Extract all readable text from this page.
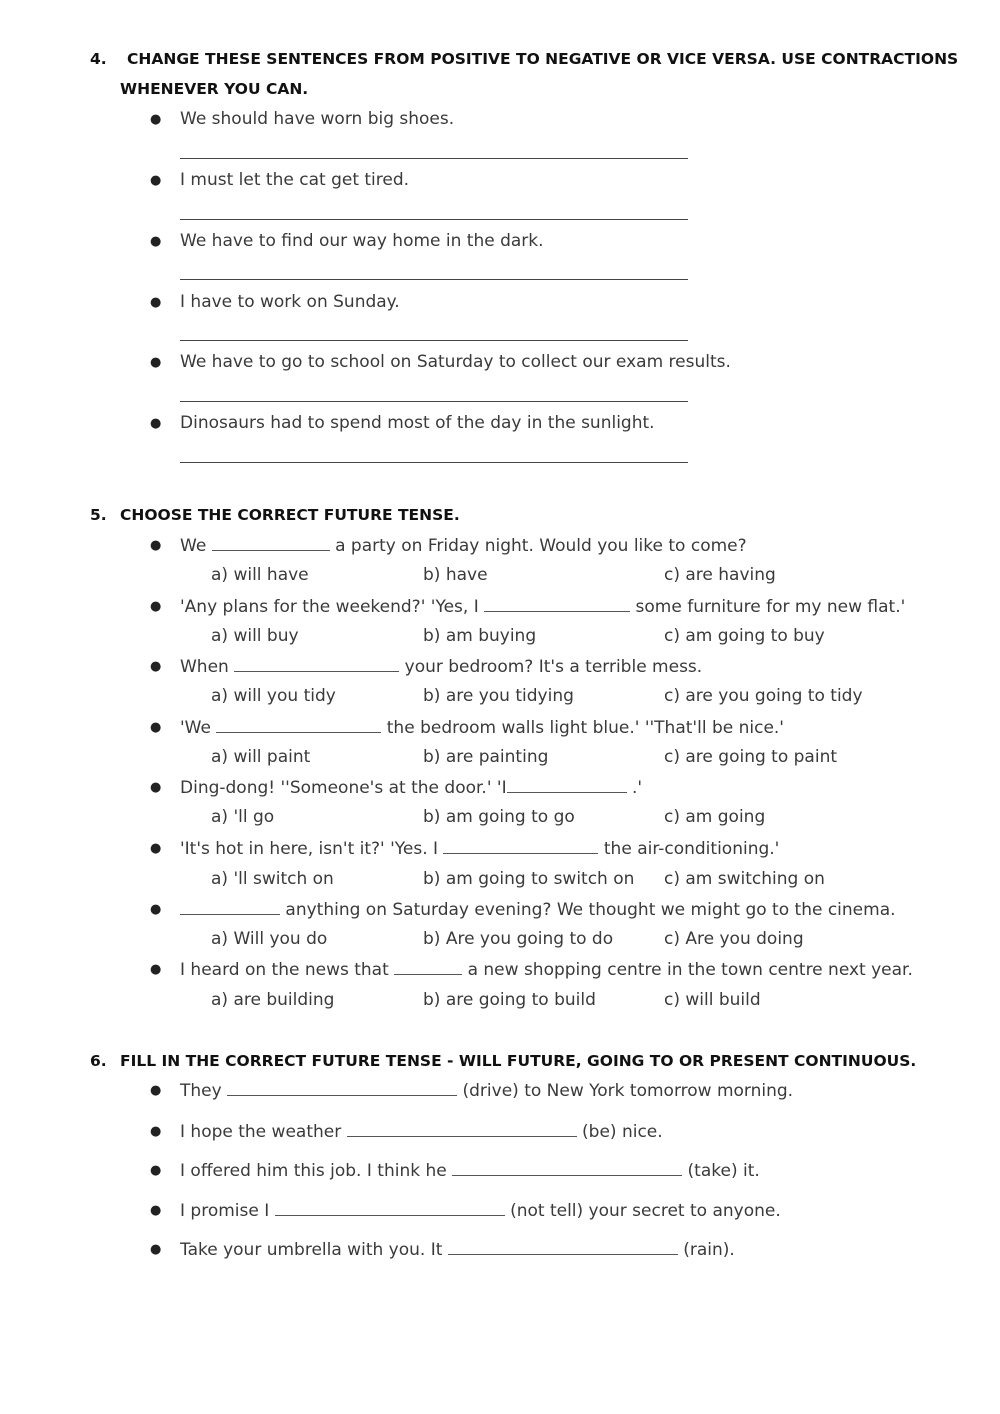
4. CHANGE THESE SENTENCES FROM POSITIVE TO NEGATIVE OR VICE VERSA. USE CONTRACTIONS
WHENEVER YOU CAN.
● We should have worn big shoes.
● I must let the cat get tired.
● We have to find our way home in the dark.
● I have to work on Sunday.
● We have to go to school on Saturday to collect our exam results.
● Dinosaurs had to spend most of the day in the sunlight.
5. CHOOSE THE CORRECT FUTURE TENSE.
● We	a party on Friday night. Would you like to come?
a) will have	b) have	c) are having
● 'Any plans for the weekend?' 'Yes, I	some furniture for my new flat.'
a) will buy	b) am buying	c) am going to buy
● When	your bedroom? It's a terrible mess.
a) will you tidy	b) are you tidying	c) are you going to tidy
● 'We	the bedroom walls light blue.' ''That'll be nice.'
a) will paint	b) are painting	c) are going to paint
● Ding-dong! ''Someone's at the door.' 'I	.'
a) 'll go	b) am going to go	c) am going
● 'It's hot in here, isn't it?' 'Yes. I	the air-conditioning.'
a) 'll switch on	b) am going to switch on c) am switching on
●	anything on Saturday evening? We thought we might go to the cinema.
a) Will you do	b) Are you going to do	c) Are you doing
● I heard on the news that	a new shopping centre in the town centre next year.
a) are building	b) are going to build	c) will build
6. FILL IN THE CORRECT FUTURE TENSE - WILL FUTURE, GOING TO OR PRESENT CONTINUOUS.
● They	(drive) to New York tomorrow morning.
● I hope the weather	(be) nice.
● I offered him this job. I think he	(take) it.
● I promise I	(not tell) your secret to anyone.
● Take your umbrella with you. It	(rain).
